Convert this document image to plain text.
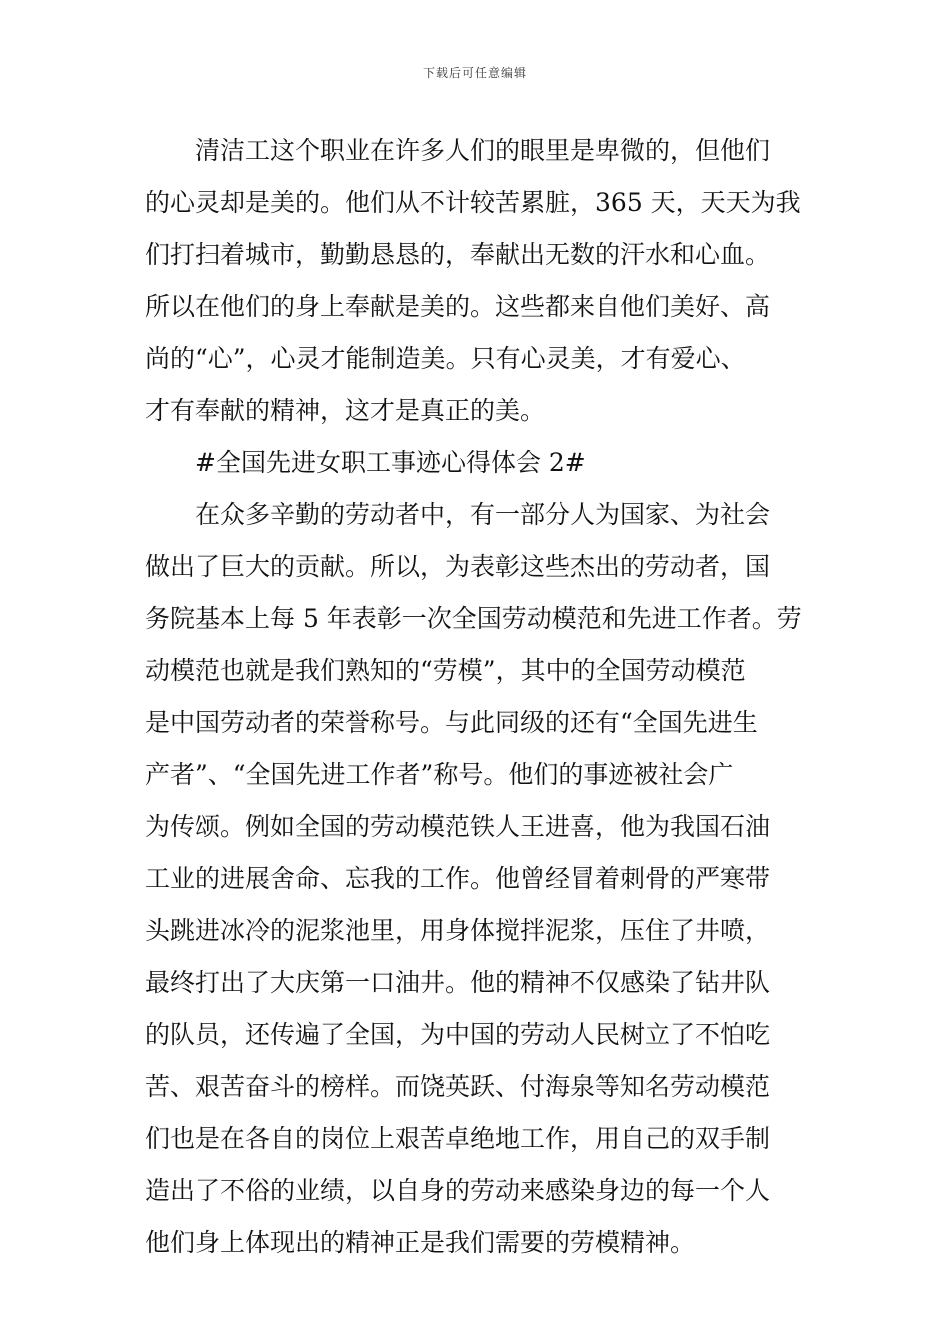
下载后可任意编辑
　　清洁工这个职业在许多人们的眼里是卑微的，但他们
的心灵却是美的。他们从不计较苦累脏，365 天，天天为我
们打扫着城市，勤勤恳恳的，奉献出无数的汗水和心血。
所以在他们的身上奉献是美的。这些都来自他们美好、高
尚的“心”，心灵才能制造美。只有心灵美，才有爱心、
才有奉献的精神，这才是真正的美。
　　#全国先进女职工事迹心得体会 2#
　　在众多辛勤的劳动者中，有一部分人为国家、为社会
做出了巨大的贡献。所以，为表彰这些杰出的劳动者，国
务院基本上每 5 年表彰一次全国劳动模范和先进工作者。劳
动模范也就是我们熟知的“劳模”，其中的全国劳动模范
是中国劳动者的荣誉称号。与此同级的还有“全国先进生
产者”、“全国先进工作者”称号。他们的事迹被社会广
为传颂。例如全国的劳动模范铁人王进喜，他为我国石油
工业的进展舍命、忘我的工作。他曾经冒着刺骨的严寒带
头跳进冰冷的泥浆池里，用身体搅拌泥浆，压住了井喷，
最终打出了大庆第一口油井。他的精神不仅感染了钻井队
的队员，还传遍了全国，为中国的劳动人民树立了不怕吃
苦、艰苦奋斗的榜样。而饶英跃、付海泉等知名劳动模范
们也是在各自的岗位上艰苦卓绝地工作，用自己的双手制
造出了不俗的业绩，以自身的劳动来感染身边的每一个人
他们身上体现出的精神正是我们需要的劳模精神。
